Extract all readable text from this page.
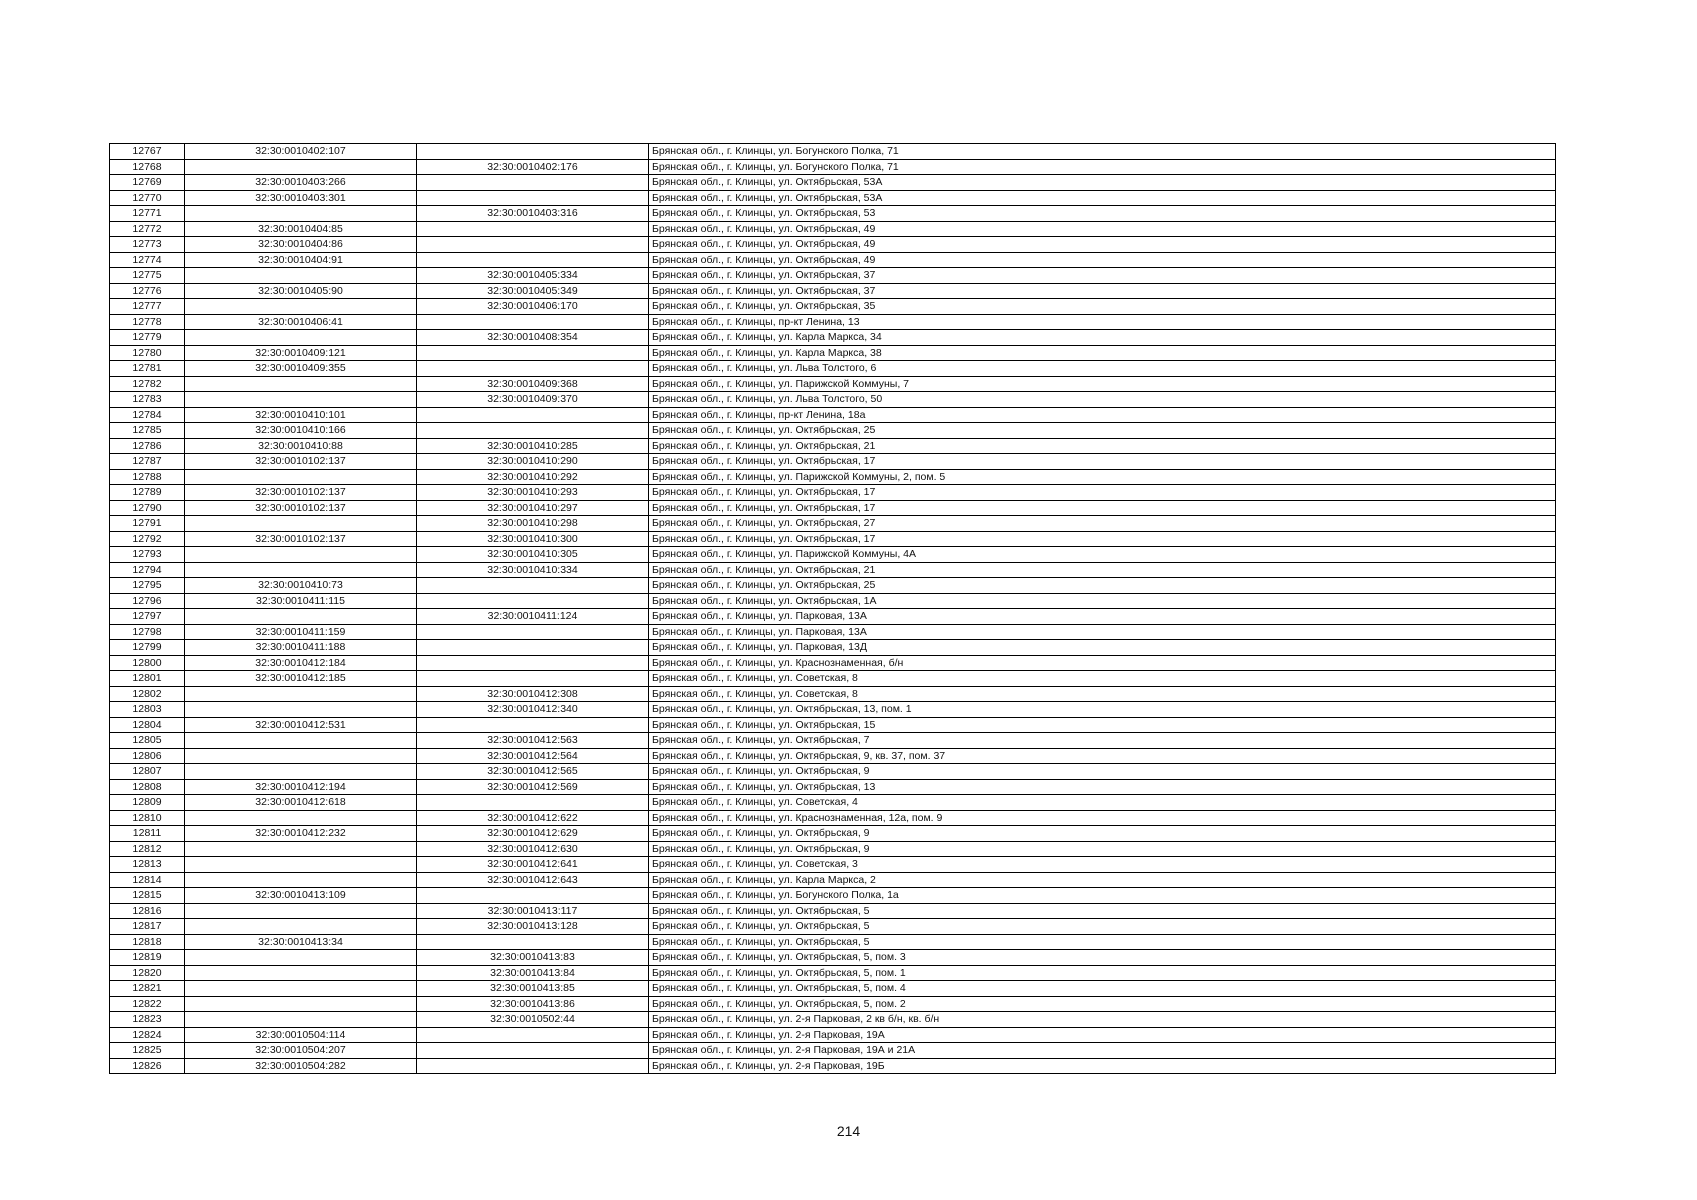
12767	32:30:0010402:107		Брянская обл., г. Клинцы, ул. Богунского Полка, 71
12768		32:30:0010402:176	Брянская обл., г. Клинцы, ул. Богунского Полка, 71
12769	32:30:0010403:266		Брянская обл., г. Клинцы, ул. Октябрьская, 53А
12770	32:30:0010403:301		Брянская обл., г. Клинцы, ул. Октябрьская, 53А
12771		32:30:0010403:316	Брянская обл., г. Клинцы, ул. Октябрьская, 53
12772	32:30:0010404:85		Брянская обл., г. Клинцы, ул. Октябрьская, 49
12773	32:30:0010404:86		Брянская обл., г. Клинцы, ул. Октябрьская, 49
12774	32:30:0010404:91		Брянская обл., г. Клинцы, ул. Октябрьская, 49
12775		32:30:0010405:334	Брянская обл., г. Клинцы, ул. Октябрьская, 37
12776	32:30:0010405:90	32:30:0010405:349	Брянская обл., г. Клинцы, ул. Октябрьская, 37
12777		32:30:0010406:170	Брянская обл., г. Клинцы, ул. Октябрьская, 35
12778	32:30:0010406:41		Брянская обл., г. Клинцы, пр-кт Ленина, 13
12779		32:30:0010408:354	Брянская обл., г. Клинцы, ул. Карла Маркса, 34
12780	32:30:0010409:121		Брянская обл., г. Клинцы, ул. Карла Маркса, 38
12781	32:30:0010409:355		Брянская обл., г. Клинцы, ул. Льва Толстого, 6
12782		32:30:0010409:368	Брянская обл., г. Клинцы, ул. Парижской Коммуны, 7
12783		32:30:0010409:370	Брянская обл., г. Клинцы, ул. Льва Толстого, 50
12784	32:30:0010410:101		Брянская обл., г. Клинцы, пр-кт Ленина, 18а
12785	32:30:0010410:166		Брянская обл., г. Клинцы, ул. Октябрьская, 25
12786	32:30:0010410:88	32:30:0010410:285	Брянская обл., г. Клинцы, ул. Октябрьская, 21
12787	32:30:0010102:137	32:30:0010410:290	Брянская обл., г. Клинцы, ул. Октябрьская, 17
12788		32:30:0010410:292	Брянская обл., г. Клинцы, ул. Парижской Коммуны, 2, пом. 5
12789	32:30:0010102:137	32:30:0010410:293	Брянская обл., г. Клинцы, ул. Октябрьская, 17
12790	32:30:0010102:137	32:30:0010410:297	Брянская обл., г. Клинцы, ул. Октябрьская, 17
12791		32:30:0010410:298	Брянская обл., г. Клинцы, ул. Октябрьская, 27
12792	32:30:0010102:137	32:30:0010410:300	Брянская обл., г. Клинцы, ул. Октябрьская, 17
12793		32:30:0010410:305	Брянская обл., г. Клинцы, ул. Парижской Коммуны, 4А
12794		32:30:0010410:334	Брянская обл., г. Клинцы, ул. Октябрьская, 21
12795	32:30:0010410:73		Брянская обл., г. Клинцы, ул. Октябрьская, 25
12796	32:30:0010411:115		Брянская обл., г. Клинцы, ул. Октябрьская, 1А
12797		32:30:0010411:124	Брянская обл., г. Клинцы, ул. Парковая, 13А
12798	32:30:0010411:159		Брянская обл., г. Клинцы, ул. Парковая, 13А
12799	32:30:0010411:188		Брянская обл., г. Клинцы, ул. Парковая, 13Д
12800	32:30:0010412:184		Брянская обл., г. Клинцы, ул. Краснознаменная, б/н
12801	32:30:0010412:185		Брянская обл., г. Клинцы, ул. Советская, 8
12802		32:30:0010412:308	Брянская обл., г. Клинцы, ул. Советская, 8
12803		32:30:0010412:340	Брянская обл., г. Клинцы, ул. Октябрьская, 13, пом. 1
12804	32:30:0010412:531		Брянская обл., г. Клинцы, ул. Октябрьская, 15
12805		32:30:0010412:563	Брянская обл., г. Клинцы, ул. Октябрьская, 7
12806		32:30:0010412:564	Брянская обл., г. Клинцы, ул. Октябрьская, 9, кв. 37, пом. 37
12807		32:30:0010412:565	Брянская обл., г. Клинцы, ул. Октябрьская, 9
12808	32:30:0010412:194	32:30:0010412:569	Брянская обл., г. Клинцы, ул. Октябрьская, 13
12809	32:30:0010412:618		Брянская обл., г. Клинцы, ул. Советская, 4
12810		32:30:0010412:622	Брянская обл., г. Клинцы, ул. Краснознаменная, 12а, пом. 9
12811	32:30:0010412:232	32:30:0010412:629	Брянская обл., г. Клинцы, ул. Октябрьская, 9
12812		32:30:0010412:630	Брянская обл., г. Клинцы, ул. Октябрьская, 9
12813		32:30:0010412:641	Брянская обл., г. Клинцы, ул. Советская, 3
12814		32:30:0010412:643	Брянская обл., г. Клинцы, ул. Карла Маркса, 2
12815	32:30:0010413:109		Брянская обл., г. Клинцы, ул. Богунского Полка, 1а
12816		32:30:0010413:117	Брянская обл., г. Клинцы, ул. Октябрьская, 5
12817		32:30:0010413:128	Брянская обл., г. Клинцы, ул. Октябрьская, 5
12818	32:30:0010413:34		Брянская обл., г. Клинцы, ул. Октябрьская, 5
12819		32:30:0010413:83	Брянская обл., г. Клинцы, ул. Октябрьская, 5, пом. 3
12820		32:30:0010413:84	Брянская обл., г. Клинцы, ул. Октябрьская, 5, пом. 1
12821		32:30:0010413:85	Брянская обл., г. Клинцы, ул. Октябрьская, 5, пом. 4
12822		32:30:0010413:86	Брянская обл., г. Клинцы, ул. Октябрьская, 5, пом. 2
12823		32:30:0010502:44	Брянская обл., г. Клинцы, ул. 2-я Парковая, 2 кв б/н, кв. б/н
12824	32:30:0010504:114		Брянская обл., г. Клинцы, ул. 2-я Парковая, 19А
12825	32:30:0010504:207		Брянская обл., г. Клинцы, ул. 2-я Парковая, 19А и 21А
12826	32:30:0010504:282		Брянская обл., г. Клинцы, ул. 2-я Парковая, 19Б
214
